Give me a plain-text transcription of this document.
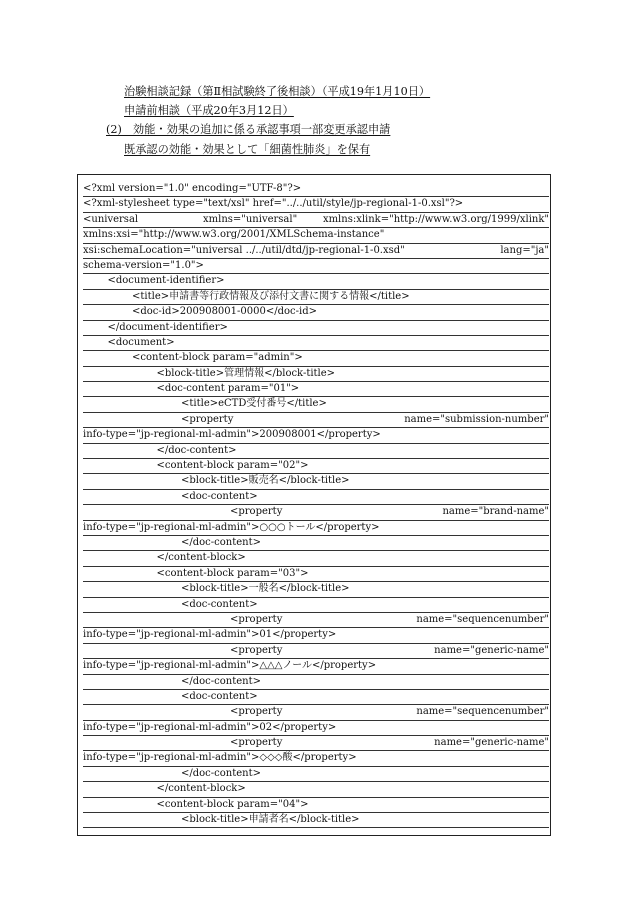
治験相談記録（第Ⅱ相試験終了後相談）（平成19年1月10日）
申請前相談（平成20年3月12日）
(2)　効能・効果の追加に係る承認事項一部変更承認申請
既承認の効能・効果として「細菌性肺炎」を保有
<?xml version="1.0" encoding="UTF-8"?>
<?xml-stylesheet type="text/xsl" href="../../util/style/jp-regional-1-0.xsl"?>
<universal	xmlns="universal"	xmlns:xlink="http://www.w3.org/1999/xlink"
xmlns:xsi="http://www.w3.org/2001/XMLSchema-instance"
xsi:schemaLocation="universal ../../util/dtd/jp-regional-1-0.xsd"	lang="ja"
schema-version="1.0">
<document-identifier>
<title>申請書等行政情報及び添付文書に関する情報</title>
<doc-id>200908001-0000</doc-id>
</document-identifier>
<document>
<content-block param="admin">
<block-title>管理情報</block-title>
<doc-content param="01">
<title>eCTD受付番号</title>
<property	name="submission-number"
info-type="jp-regional-ml-admin">200908001</property>
</doc-content>
<content-block param="02">
<block-title>販売名</block-title>
<doc-content>
<property	name="brand-name"
info-type="jp-regional-ml-admin">○○○トール</property>
</doc-content>
</content-block>
<content-block param="03">
<block-title>一般名</block-title>
<doc-content>
<property	name="sequencenumber"
info-type="jp-regional-ml-admin">01</property>
<property	name="generic-name"
info-type="jp-regional-ml-admin">△△△ノール</property>
</doc-content>
<doc-content>
<property	name="sequencenumber"
info-type="jp-regional-ml-admin">02</property>
<property	name="generic-name"
info-type="jp-regional-ml-admin">◇◇◇酸</property>
</doc-content>
</content-block>
<content-block param="04">
<block-title>申請者名</block-title>
